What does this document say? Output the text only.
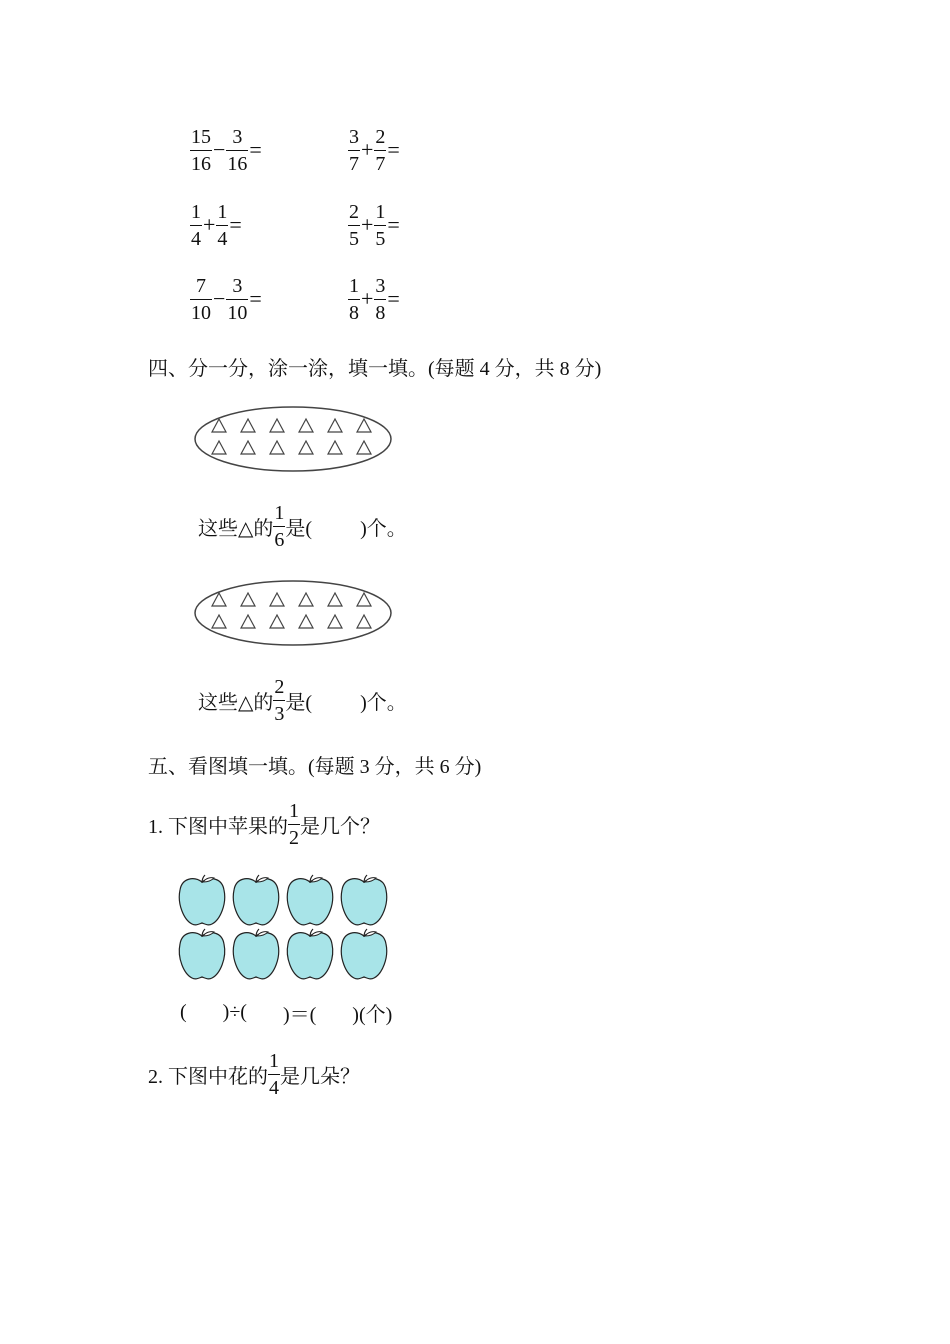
$\frac{15}{16} - \frac{3}{16}$ =	$\frac{3}{7} + \frac{2}{7}$ =
$\frac{1}{4} + \frac{1}{4}$ =	$\frac{2}{5} + \frac{1}{5}$ =
$\frac{7}{10} - \frac{3}{10}$ =	$\frac{1}{8} + \frac{3}{8}$ =
四、分一分，涂一涂，填一填。(每题 4 分，共 8 分)
这些△的 $\frac{1}{6}$ 是( )个。
这些△的 $\frac{2}{3}$ 是( )个。
五、看图填一填。(每题 3 分，共 6 分)
1. 下图中苹果的 $\frac{1}{2}$ 是几个？
( )÷( )＝( )(个)
2. 下图中花的 $\frac{1}{4}$ 是几朵？
